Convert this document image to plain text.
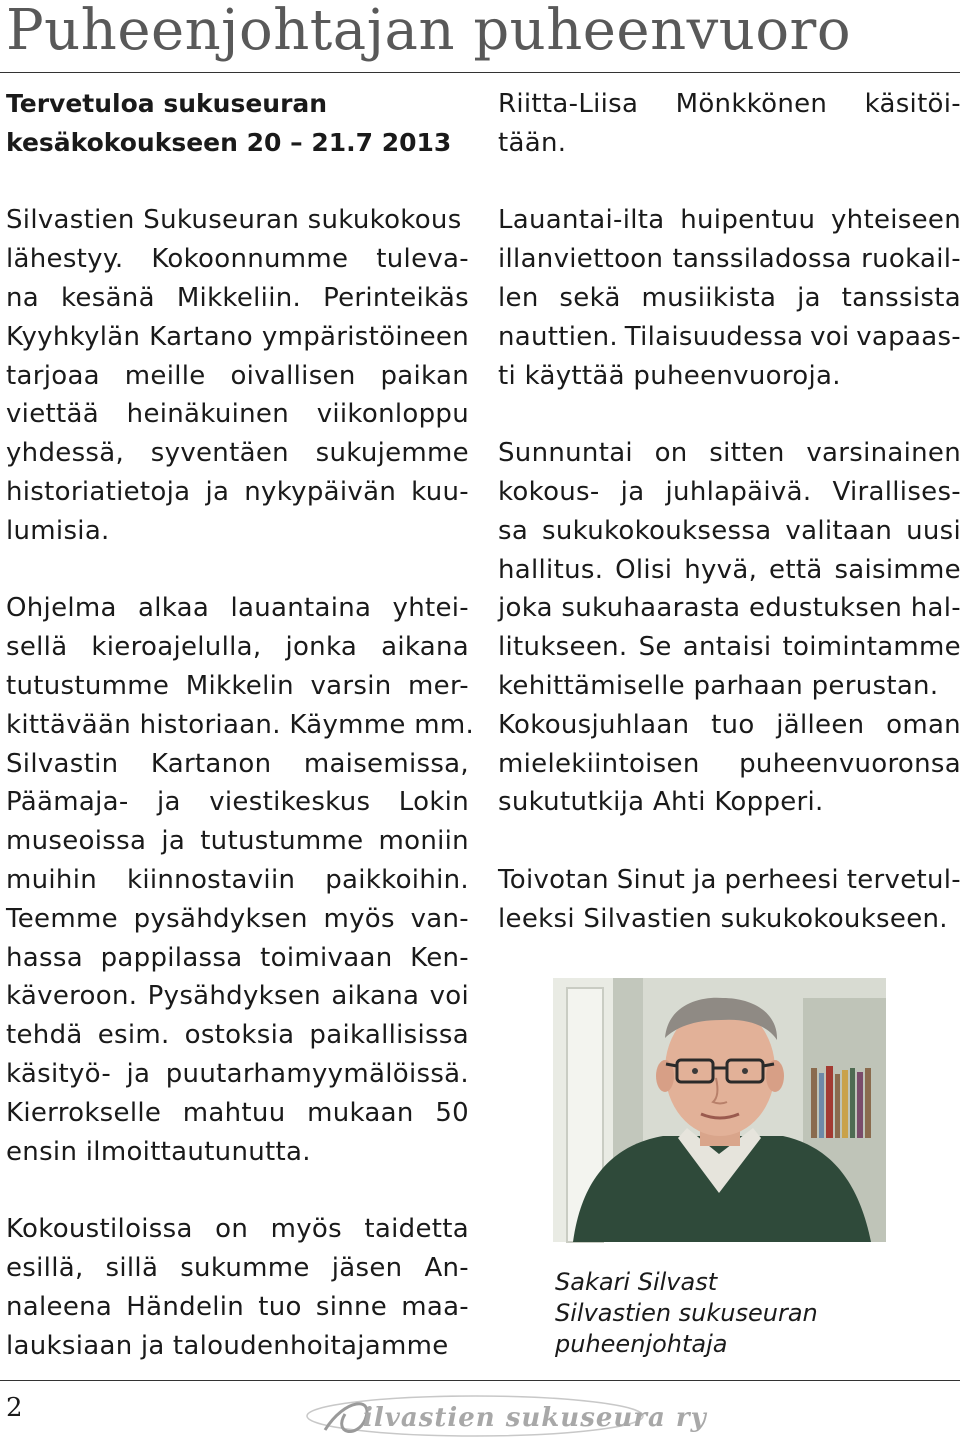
Puheenjohtajan puheenvuoro
Tervetuloa sukuseuran
kesäkokoukseen 20 – 21.7 2013
Silvastien Sukuseuran sukukokous
lähestyy. Kokoonnumme tuleva-
na kesänä Mikkeliin. Perinteikäs
Kyyhkylän Kartano ympäristöineen
tarjoaa meille oivallisen paikan
viettää heinäkuinen viikonloppu
yhdessä, syventäen sukujemme
historiatietoja ja nykypäivän kuu-
lumisia.
Ohjelma alkaa lauantaina yhtei-
sellä kieroajelulla, jonka aikana
tutustumme Mikkelin varsin mer-
kittävään historiaan. Käymme mm.
Silvastin Kartanon maisemissa,
Päämaja- ja viestikeskus Lokin
museoissa ja tutustumme moniin
muihin kiinnostaviin paikkoihin.
Teemme pysähdyksen myös van-
hassa pappilassa toimivaan Ken-
käveroon. Pysähdyksen aikana voi
tehdä esim. ostoksia paikallisissa
käsityö- ja puutarhamyymälöissä.
Kierrokselle mahtuu mukaan 50
ensin ilmoittautunutta.
Kokoustiloissa on myös taidetta
esillä, sillä sukumme jäsen An-
naleena Händelin tuo sinne maa-
lauksiaan ja taloudenhoitajamme
Riitta-Liisa Mönkkönen käsitöi-
tään.
Lauantai-ilta huipentuu yhteiseen
illanviettoon tanssiladossa ruokail-
len sekä musiikista ja tanssista
nauttien. Tilaisuudessa voi vapaas-
ti käyttää puheenvuoroja.
Sunnuntai on sitten varsinainen
kokous- ja juhlapäivä. Virallises-
sa sukukokouksessa valitaan uusi
hallitus. Olisi hyvä, että saisimme
joka sukuhaarasta edustuksen hal-
litukseen. Se antaisi toimintamme
kehittämiselle parhaan perustan.
Kokousjuhlaan tuo jälleen oman
mielekiintoisen puheenvuoronsa
sukututkija Ahti Kopperi.
Toivotan Sinut ja perheesi tervetul-
leeksi Silvastien sukukokoukseen.
Sakari Silvast
Silvastien sukuseuran
puheenjohtaja
2	ilvastien sukuseura ry
